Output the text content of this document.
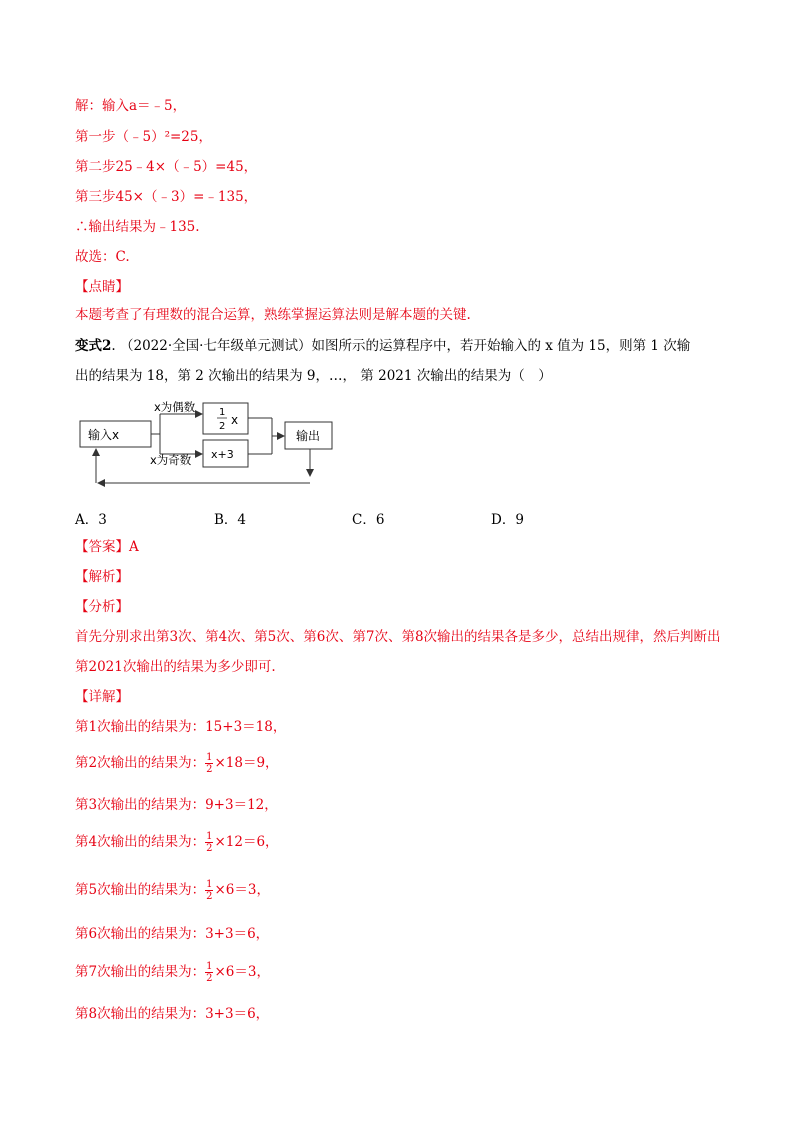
解：输入a＝﹣5，
第一步（﹣5）²=25，
第二步25﹣4×（﹣5）=45，
第三步45×（﹣3）=﹣135，
∴输出结果为﹣135.
故选：C.
【点睛】
本题考查了有理数的混合运算，熟练掌握运算法则是解本题的关键.
变式2. （2022·全国·七年级单元测试）如图所示的运算程序中，若开始输入的 x 值为 15，则第 1 次输
出的结果为 18，第 2 次输出的结果为 9，…， 第 2021 次输出的结果为（　）
输入x
x为偶数
x为奇数
1
2 x
x+3
输出
A．3	B．4	C．6	D．9
【答案】A
【解析】
【分析】
首先分别求出第3次、第4次、第5次、第6次、第7次、第8次输出的结果各是多少，总结出规律，然后判断出第2021次输出的结果为多少即可.
【详解】
第1次输出的结果为：15+3＝18，
第2次输出的结果为： $\frac{1}{2} \times 18=9$，
第3次输出的结果为：9+3＝12，
第4次输出的结果为： $\frac{1}{2} \times 12=6$，
第5次输出的结果为： $\frac{1}{2} \times 6=3$，
第6次输出的结果为：3+3＝6，
第7次输出的结果为： $\frac{1}{2} \times 6=3$，
第8次输出的结果为：3+3＝6，
